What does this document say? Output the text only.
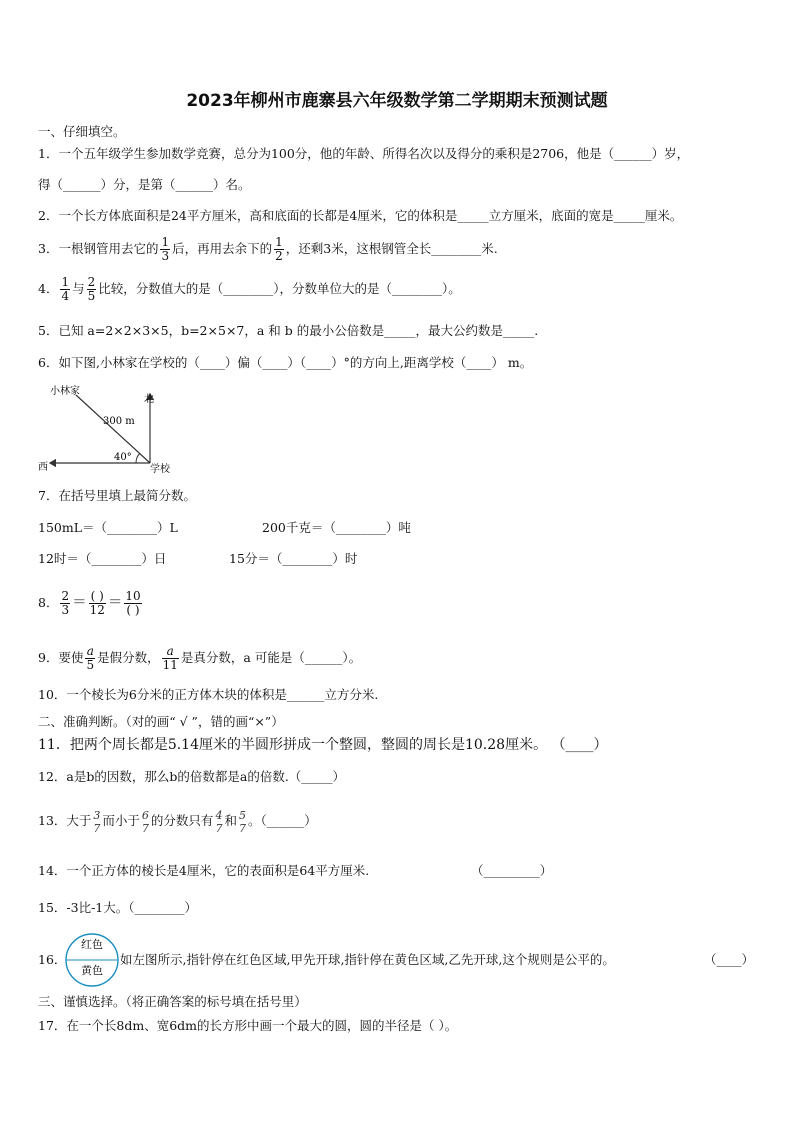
2023年柳州市鹿寨县六年级数学第二学期期末预测试题
一、仔细填空。
1．一个五年级学生参加数学竞赛，总分为100分，他的年龄、所得名次以及得分的乘积是2706，他是（______）岁，
得（______）分，是第（______）名。
2．一个长方体底面积是24平方厘米，高和底面的长都是4厘米，它的体积是_____立方厘米，底面的宽是_____厘米。
3．一根钢管用去它的 $\frac{1}{3}$ 后，再用去余下的 $\frac{1}{2}$ ，还剩3米，这根钢管全长________米.
4． $\frac{1}{4}$ 与 $\frac{2}{5}$ 比较，分数值大的是（________），分数单位大的是（________）。
5．已知 a=2×2×3×5，b=2×5×7，a 和 b 的最小公倍数是_____，最大公约数是_____.
6．如下图,小林家在学校的（____）偏（____）（____）°的方向上,距离学校（____） m。
小林家
北
西
300 m
40°
学校
7．在括号里填上最简分数。
150mL＝（________）L	200千克＝（________）吨
12时＝（________）日	15分＝（________）时
8． $\frac{2}{3} = \frac{( )}{12} = \frac{10}{( )}$
9．要使 $\frac{a}{5}$ 是假分数， $\frac{a}{11}$ 是真分数，a 可能是（______）。
10．一个棱长为6分米的正方体木块的体积是______立方分米.
二、准确判断。（对的画“ √ ”，错的画“×”）
11．把两个周长都是5.14厘米的半圆形拼成一个整圆，整圆的周长是10.28厘米。 （____）
12．a是b的因数，那么b的倍数都是a的倍数.（_____）
13．大于 3
7 而小于 6
7 的分数只有 4
7 和 5
7 。（______）
14．一个正方体的棱长是4厘米，它的表面积是64平方厘米.	（_________）
15．-3比-1大。（________）
16．
红色
黄色
如左图所示,指针停在红色区域,甲先开球,指针停在黄色区域,乙先开球,这个规则是公平的。	（____）
三、谨慎选择。（将正确答案的标号填在括号里）
17．在一个长8dm、宽6dm的长方形中画一个最大的圆，圆的半径是（ ）。
